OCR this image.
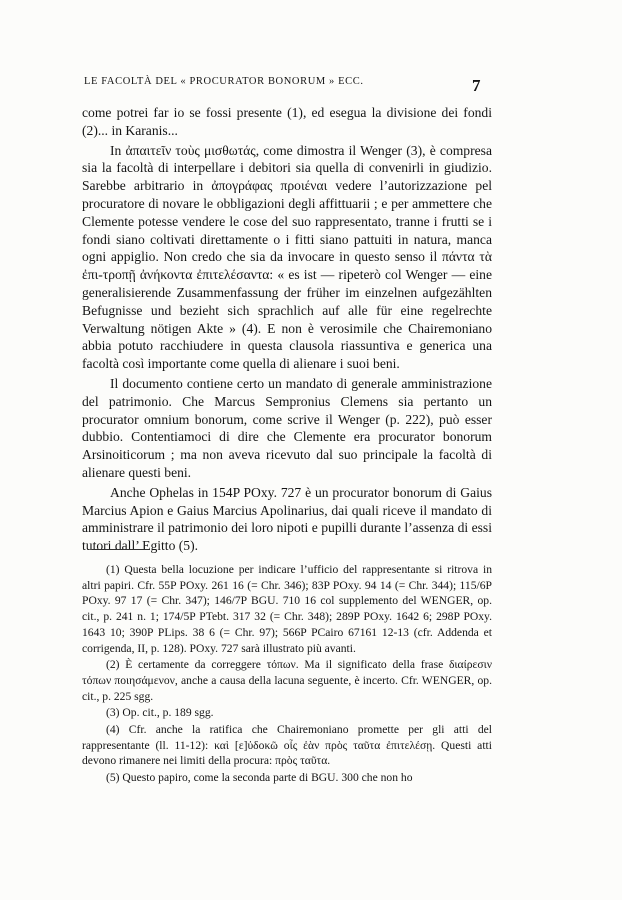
LE FACOLTÀ DEL « PROCURATOR BONORUM » ECC.	7

come potrei far io se fossi presente (1), ed esegua la divisione dei fondi (2)... in Karanis...

In ἀπαιτεῖν τοὺς μισθωτάς, come dimostra il Wenger (3), è compresa sia la facoltà di interpellare i debitori sia quella di convenirli in giudizio. Sarebbe arbitrario in ἀπογράφας προιέναι vedere l’autorizzazione pel procuratore di novare le obbligazioni degli affittuarii ; e per ammettere che Clemente potesse vendere le cose del suo rappresentato, tranne i frutti se i fondi siano coltivati direttamente o i fitti siano pattuiti in natura, manca ogni appiglio. Non credo che sia da invocare in questo senso il πάντα τὰ ἐπι-τροπῇ ἀνήκοντα ἐπιτελέσαντα: « es ist — ripeterò col Wenger — eine generalisierende Zusammenfassung der früher im einzelnen aufgezählten Befugnisse und bezieht sich sprachlich auf alle für eine regelrechte Verwaltung nötigen Akte » (4). E non è verosimile che Chairemoniano abbia potuto racchiudere in questa clausola riassuntiva e generica una facoltà così importante come quella di alienare i suoi beni.

Il documento contiene certo un mandato di generale amministrazione del patrimonio. Che Marcus Sempronius Clemens sia pertanto un procurator omnium bonorum, come scrive il Wenger (p. 222), può esser dubbio. Contentiamoci di dire che Clemente era procurator bonorum Arsinoiticorum ; ma non aveva ricevuto dal suo principale la facoltà di alienare questi beni.

Anche Ophelas in 154P POxy. 727 è un procurator bonorum di Gaius Marcius Apion e Gaius Marcius Apolinarius, dai quali riceve il mandato di amministrare il patrimonio dei loro nipoti e pupilli durante l’assenza di essi tutori dall’ Egitto (5).

(1) Questa bella locuzione per indicare l’ufficio del rappresentante si ritrova in altri papiri. Cfr. 55P POxy. 261 16 (= Chr. 346); 83P POxy. 94 14 (= Chr. 344); 115/6P POxy. 97 17 (= Chr. 347); 146/7P BGU. 710 16 col supplemento del WENGER, op. cit., p. 241 n. 1; 174/5P PTebt. 317 32 (= Chr. 348); 289P POxy. 1642 6; 298P POxy. 1643 10; 390P PLips. 38 6 (= Chr. 97); 566P PCairo 67161 12-13 (cfr. Addenda et corrigenda, II, p. 128). POxy. 727 sarà illustrato più avanti.

(2) È certamente da correggere τόπων. Ma il significato della frase διαίρεσιν τόπων ποιησάμενον, anche a causa della lacuna seguente, è incerto. Cfr. WENGER, op. cit., p. 225 sgg.

(3) Op. cit., p. 189 sgg.

(4) Cfr. anche la ratifica che Chairemoniano promette per gli atti del rappresentante (ll. 11-12): καὶ [ε]ὐδοκῶ οἷς ἐὰν πρὸς ταῦτα ἐπιτελέσῃ. Questi atti devono rimanere nei limiti della procura: πρὸς ταῦτα.

(5) Questo papiro, come la seconda parte di BGU. 300 che non ho
